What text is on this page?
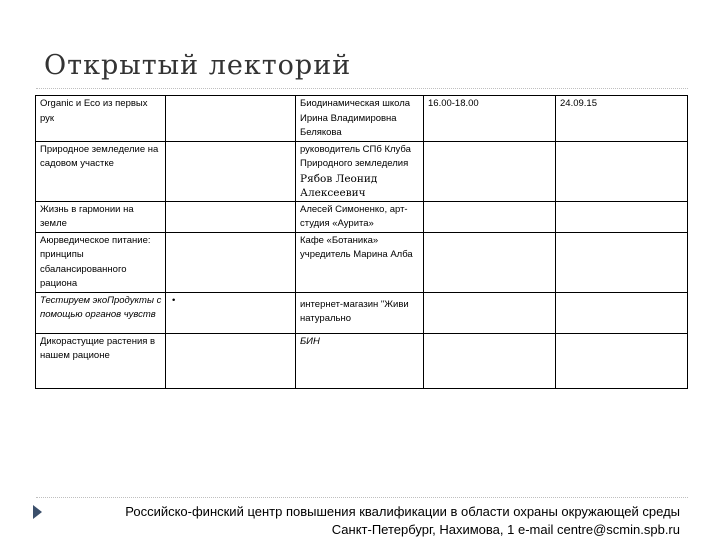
Открытый лекторий
Organic и Eco из первых рук		Биодинамическая школа Ирина Владимировна Белякова	16.00-18.00	24.09.15

Природное земледелие на садовом участке		руководитель СПб Клуба Природного земледелия
Рябов Леонид Алексеевич		

Жизнь в гармонии на земле		Алесей Симоненко, арт-студия «Аурита»		

Аюрведическое питание: принципы сбалансированного рациона		Кафе «Ботаника» учредитель Марина Алба		

Тестируем экоПродукты с помощью органов чувств	•	интернет-магазин "Живи натурально		

Дикорастущие растения в нашем рационе		БИН		

Российско-финский центр повышения квалификации в области охраны окружающей среды
Санкт-Петербург, Нахимова, 1 e-mail centre@scmin.spb.ru
